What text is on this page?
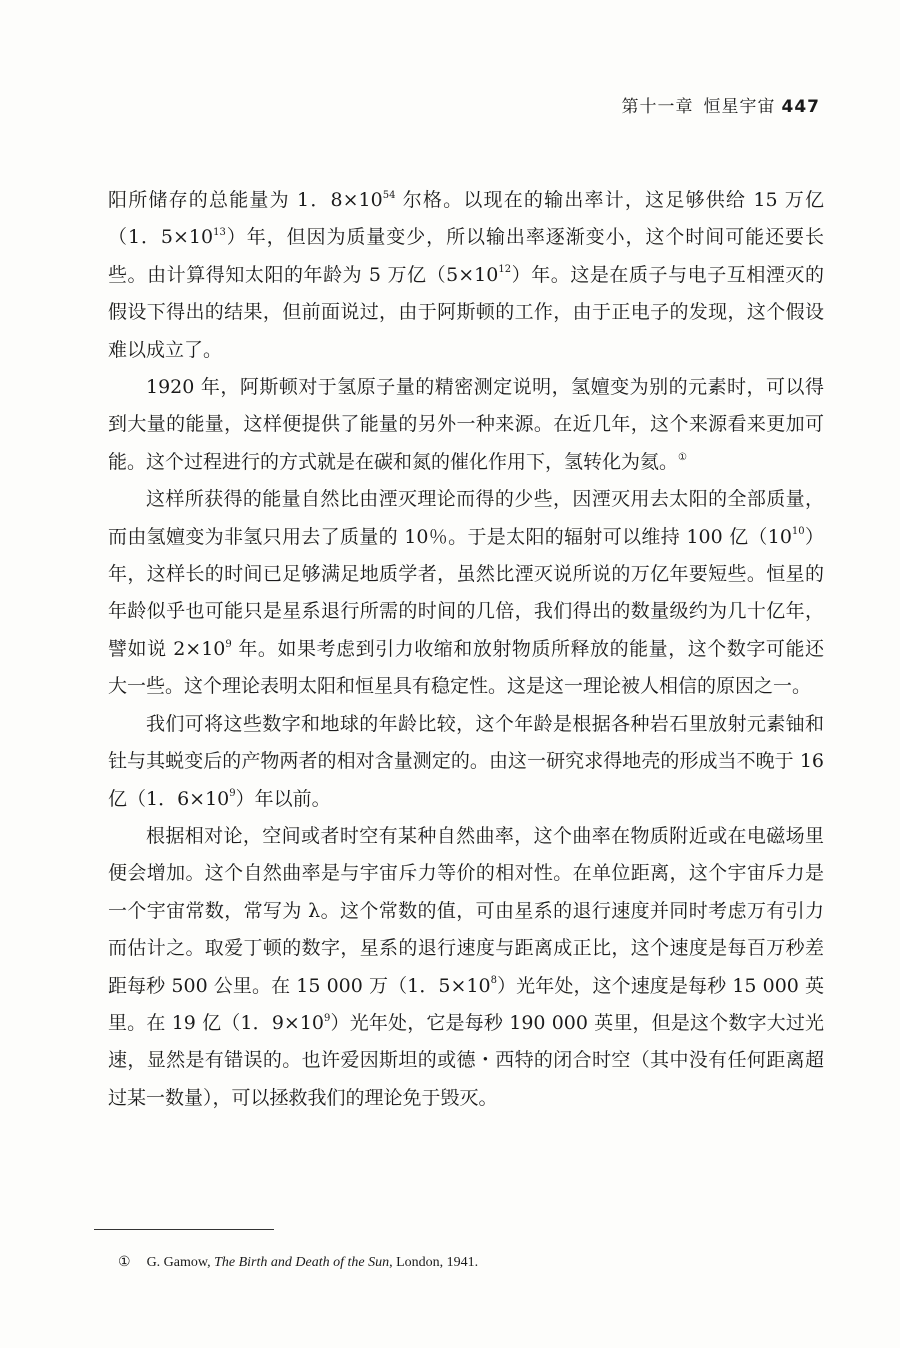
第十一章 恒星宇宙 447

阳所储存的总能量为 1．$8\times 10^{54}$ 尔格。以现在的输出率计，这足够供给 15 万亿（1．$5\times 10^{13}$）年，但因为质量变少，所以输出率逐渐变小，这个时间可能还要长些。由计算得知太阳的年龄为 5 万亿$(5\times 10^{12})$年。这是在质子与电子互相湮灭的假设下得出的结果，但前面说过，由于阿斯顿的工作，由于正电子的发现，这个假设难以成立了。

1920 年，阿斯顿对于氢原子量的精密测定说明，氢嬗变为别的元素时，可以得到大量的能量，这样便提供了能量的另外一种来源。在近几年，这个来源看来更加可能。这个过程进行的方式就是在碳和氮的催化作用下，氢转化为氦。①

这样所获得的能量自然比由湮灭理论而得的少些，因湮灭用去太阳的全部质量，而由氢嬗变为非氢只用去了质量的 10％。于是太阳的辐射可以维持 100 亿$(10^{10})$年，这样长的时间已足够满足地质学者，虽然比湮灭说所说的万亿年要短些。恒星的年龄似乎也可能只是星系退行所需的时间的几倍，我们得出的数量级约为几十亿年，譬如说 $2\times 10^9$ 年。如果考虑到引力收缩和放射物质所释放的能量，这个数字可能还大一些。这个理论表明太阳和恒星具有稳定性。这是这一理论被人相信的原因之一。

我们可将这些数字和地球的年龄比较，这个年龄是根据各种岩石里放射元素铀和钍与其蜕变后的产物两者的相对含量测定的。由这一研究求得地壳的形成当不晚于 16 亿（1．$6\times 10^9$）年以前。

根据相对论，空间或者时空有某种自然曲率，这个曲率在物质附近或在电磁场里便会增加。这个自然曲率是与宇宙斥力等价的相对性。在单位距离，这个宇宙斥力是一个宇宙常数，常写为 λ。这个常数的值，可由星系的退行速度并同时考虑万有引力而估计之。取爱丁顿的数字，星系的退行速度与距离成正比，这个速度是每百万秒差距每秒 500 公里。在 15 000 万（1．$5\times 10^8$）光年处，这个速度是每秒 15 000 英里。在 19 亿（1．$9\times 10^9$）光年处，它是每秒 190 000 英里，但是这个数字大过光速，显然是有错误的。也许爱因斯坦的或德・西特的闭合时空（其中没有任何距离超过某一数量），可以拯救我们的理论免于毁灭。

① G. Gamow, The Birth and Death of the Sun, London, 1941.
